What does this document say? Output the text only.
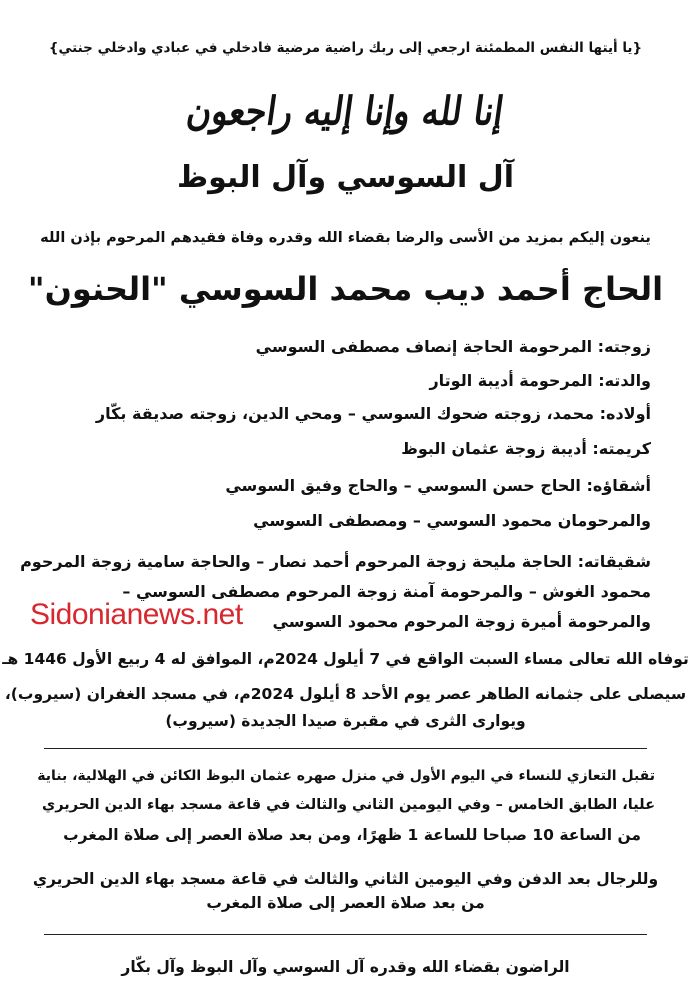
{يا أيتها النفس المطمئنة ارجعي إلى ربك راضية مرضية فادخلي في عبادي وادخلي جنتي}
إنا لله وإنا إليه راجعون
آل السوسي وآل البوظ
ينعون إليكم بمزيد من الأسى والرضا بقضاء الله وقدره وفاة فقيدهم المرحوم بإذن الله
الحاج أحمد ديب محمد السوسي "الحنون"
زوجته: المرحومة الحاجة إنصاف مصطفى السوسي
والدته: المرحومة أديبة الوتار
أولاده: محمد، زوجته ضحوك السوسي – ومحي الدين، زوجته صديقة بكّار
كريمته: أديبة زوجة عثمان البوظ
أشقاؤه: الحاج حسن السوسي – والحاج وفيق السوسي
والمرحومان محمود السوسي – ومصطفى السوسي
شقيقاته: الحاجة مليحة زوجة المرحوم أحمد نصار – والحاجة سامية زوجة المرحوم
محمود الغوش – والمرحومة آمنة زوجة المرحوم مصطفى السوسي –
والمرحومة أميرة زوجة المرحوم محمود السوسي
Sidonianews.net
توفاه الله تعالى مساء السبت الواقع في 7 أيلول 2024م، الموافق له 4 ربيع الأول 1446 هـ
سيصلى على جثمانه الطاهر عصر يوم الأحد 8 أيلول 2024م، في مسجد الغفران (سيروب)،
ويوارى الثرى في مقبرة صيدا الجديدة (سيروب)
تقبل التعازي للنساء في اليوم الأول في منزل صهره عثمان البوظ الكائن في الهلالية، بناية
عليا، الطابق الخامس – وفي اليومين الثاني والثالث في قاعة مسجد بهاء الدين الحريري
من الساعة 10 صباحا للساعة 1 ظهرًا، ومن بعد صلاة العصر إلى صلاة المغرب
وللرجال بعد الدفن وفي اليومين الثاني والثالث في قاعة مسجد بهاء الدين الحريري
من بعد صلاة العصر إلى صلاة المغرب
الراضون بقضاء الله وقدره آل السوسي وآل البوظ وآل بكّار
